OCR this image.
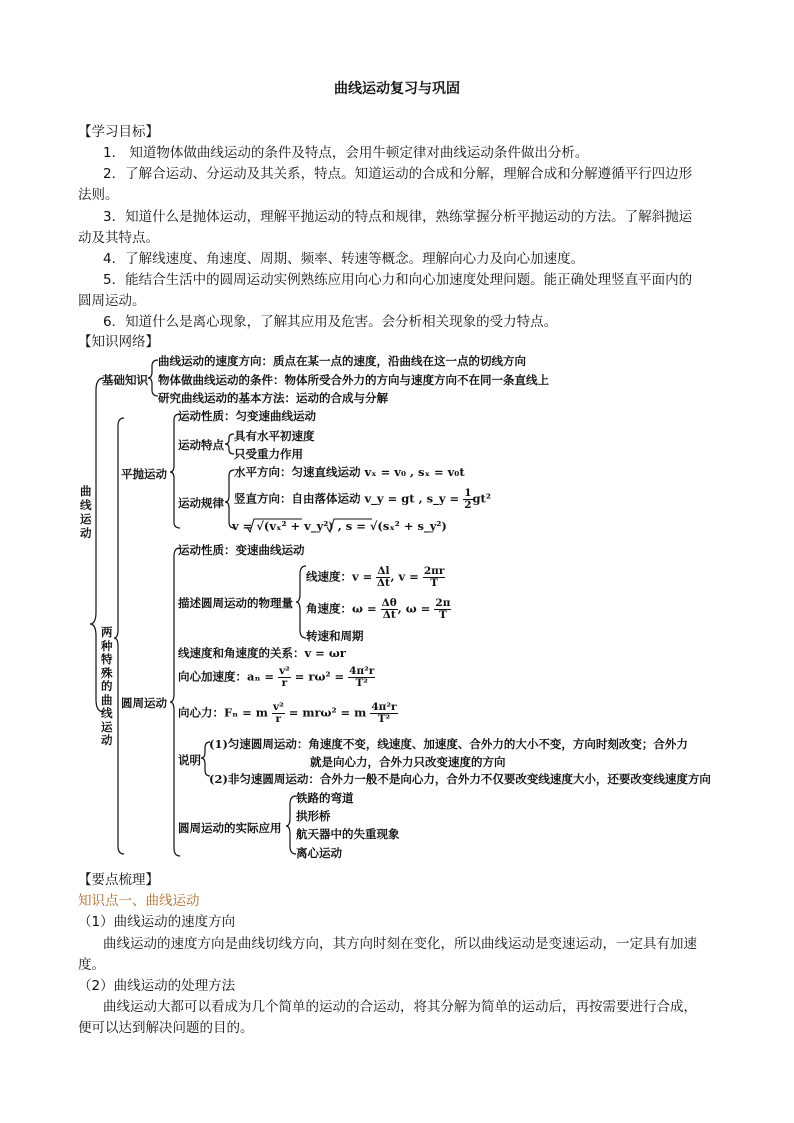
曲线运动复习与巩固
【学习目标】
1． 知道物体做曲线运动的条件及特点，会用牛顿定律对曲线运动条件做出分析。
2．了解合运动、分运动及其关系，特点。知道运动的合成和分解，理解合成和分解遵循平行四边形
法则。
3．知道什么是抛体运动，理解平抛运动的特点和规律，熟练掌握分析平抛运动的方法。了解斜抛运
动及其特点。
4．了解线速度、角速度、周期、频率、转速等概念。理解向心力及向心加速度。
5．能结合生活中的圆周运动实例熟练应用向心力和向心加速度处理问题。能正确处理竖直平面内的
圆周运动。
6．知道什么是离心现象，了解其应用及危害。会分析相关现象的受力特点。
【知识网络】
曲线运动
基础知识
曲线运动的速度方向：质点在某一点的速度，沿曲线在这一点的切线方向
物体做曲线运动的条件：物体所受合外力的方向与速度方向不在同一条直线上
研究曲线运动的基本方法：运动的合成与分解
两种特殊的曲线运动
平抛运动
运动性质：匀变速曲线运动
运动特点
具有水平初速度
只受重力作用
运动规律
水平方向：匀速直线运动 vₓ = v₀ , sₓ = v₀t
竖直方向：自由落体运动 v_y = gt , s_y = $\frac{1}{2} gt^2$
v = √(vₓ² + v_y²) , s = √(sₓ² + s_y²)
圆周运动
运动性质：变速曲线运动
描述圆周运动的物理量
线速度：$v = \frac{\Delta l}{\Delta t}$ , $v = \frac{2\pi r}{T}$
角速度：$\omega = \frac{\Delta\theta}{\Delta t}$ , $\omega = \frac{2\pi}{T}$
转速和周期
线速度和角速度的关系：v = ωr
向心加速度：$a_n = \frac{\text{v²}}{r} = r\omega^2 = \frac{\text{4π²r}}{\text{T²}}$
向心力：Fₙ = m $\frac{\text{v²}}{r} = mr\omega^2 = m \frac{\text{4π²r}}{\text{T²}}$
说明
(1)匀速圆周运动：角速度不变，线速度、加速度、合外力的大小不变，方向时刻改变；合外力
就是向心力，合外力只改变速度的方向
(2)非匀速圆周运动：合外力一般不是向心力，合外力不仅要改变线速度大小，还要改变线速度方向
圆周运动的实际应用
铁路的弯道
拱形桥
航天器中的失重现象
离心运动
【要点梳理】
知识点一、曲线运动
（1）曲线运动的速度方向
曲线运动的速度方向是曲线切线方向，其方向时刻在变化，所以曲线运动是变速运动，一定具有加速
度。
（2）曲线运动的处理方法
曲线运动大都可以看成为几个简单的运动的合运动，将其分解为简单的运动后，再按需要进行合成，
便可以达到解决问题的目的。
